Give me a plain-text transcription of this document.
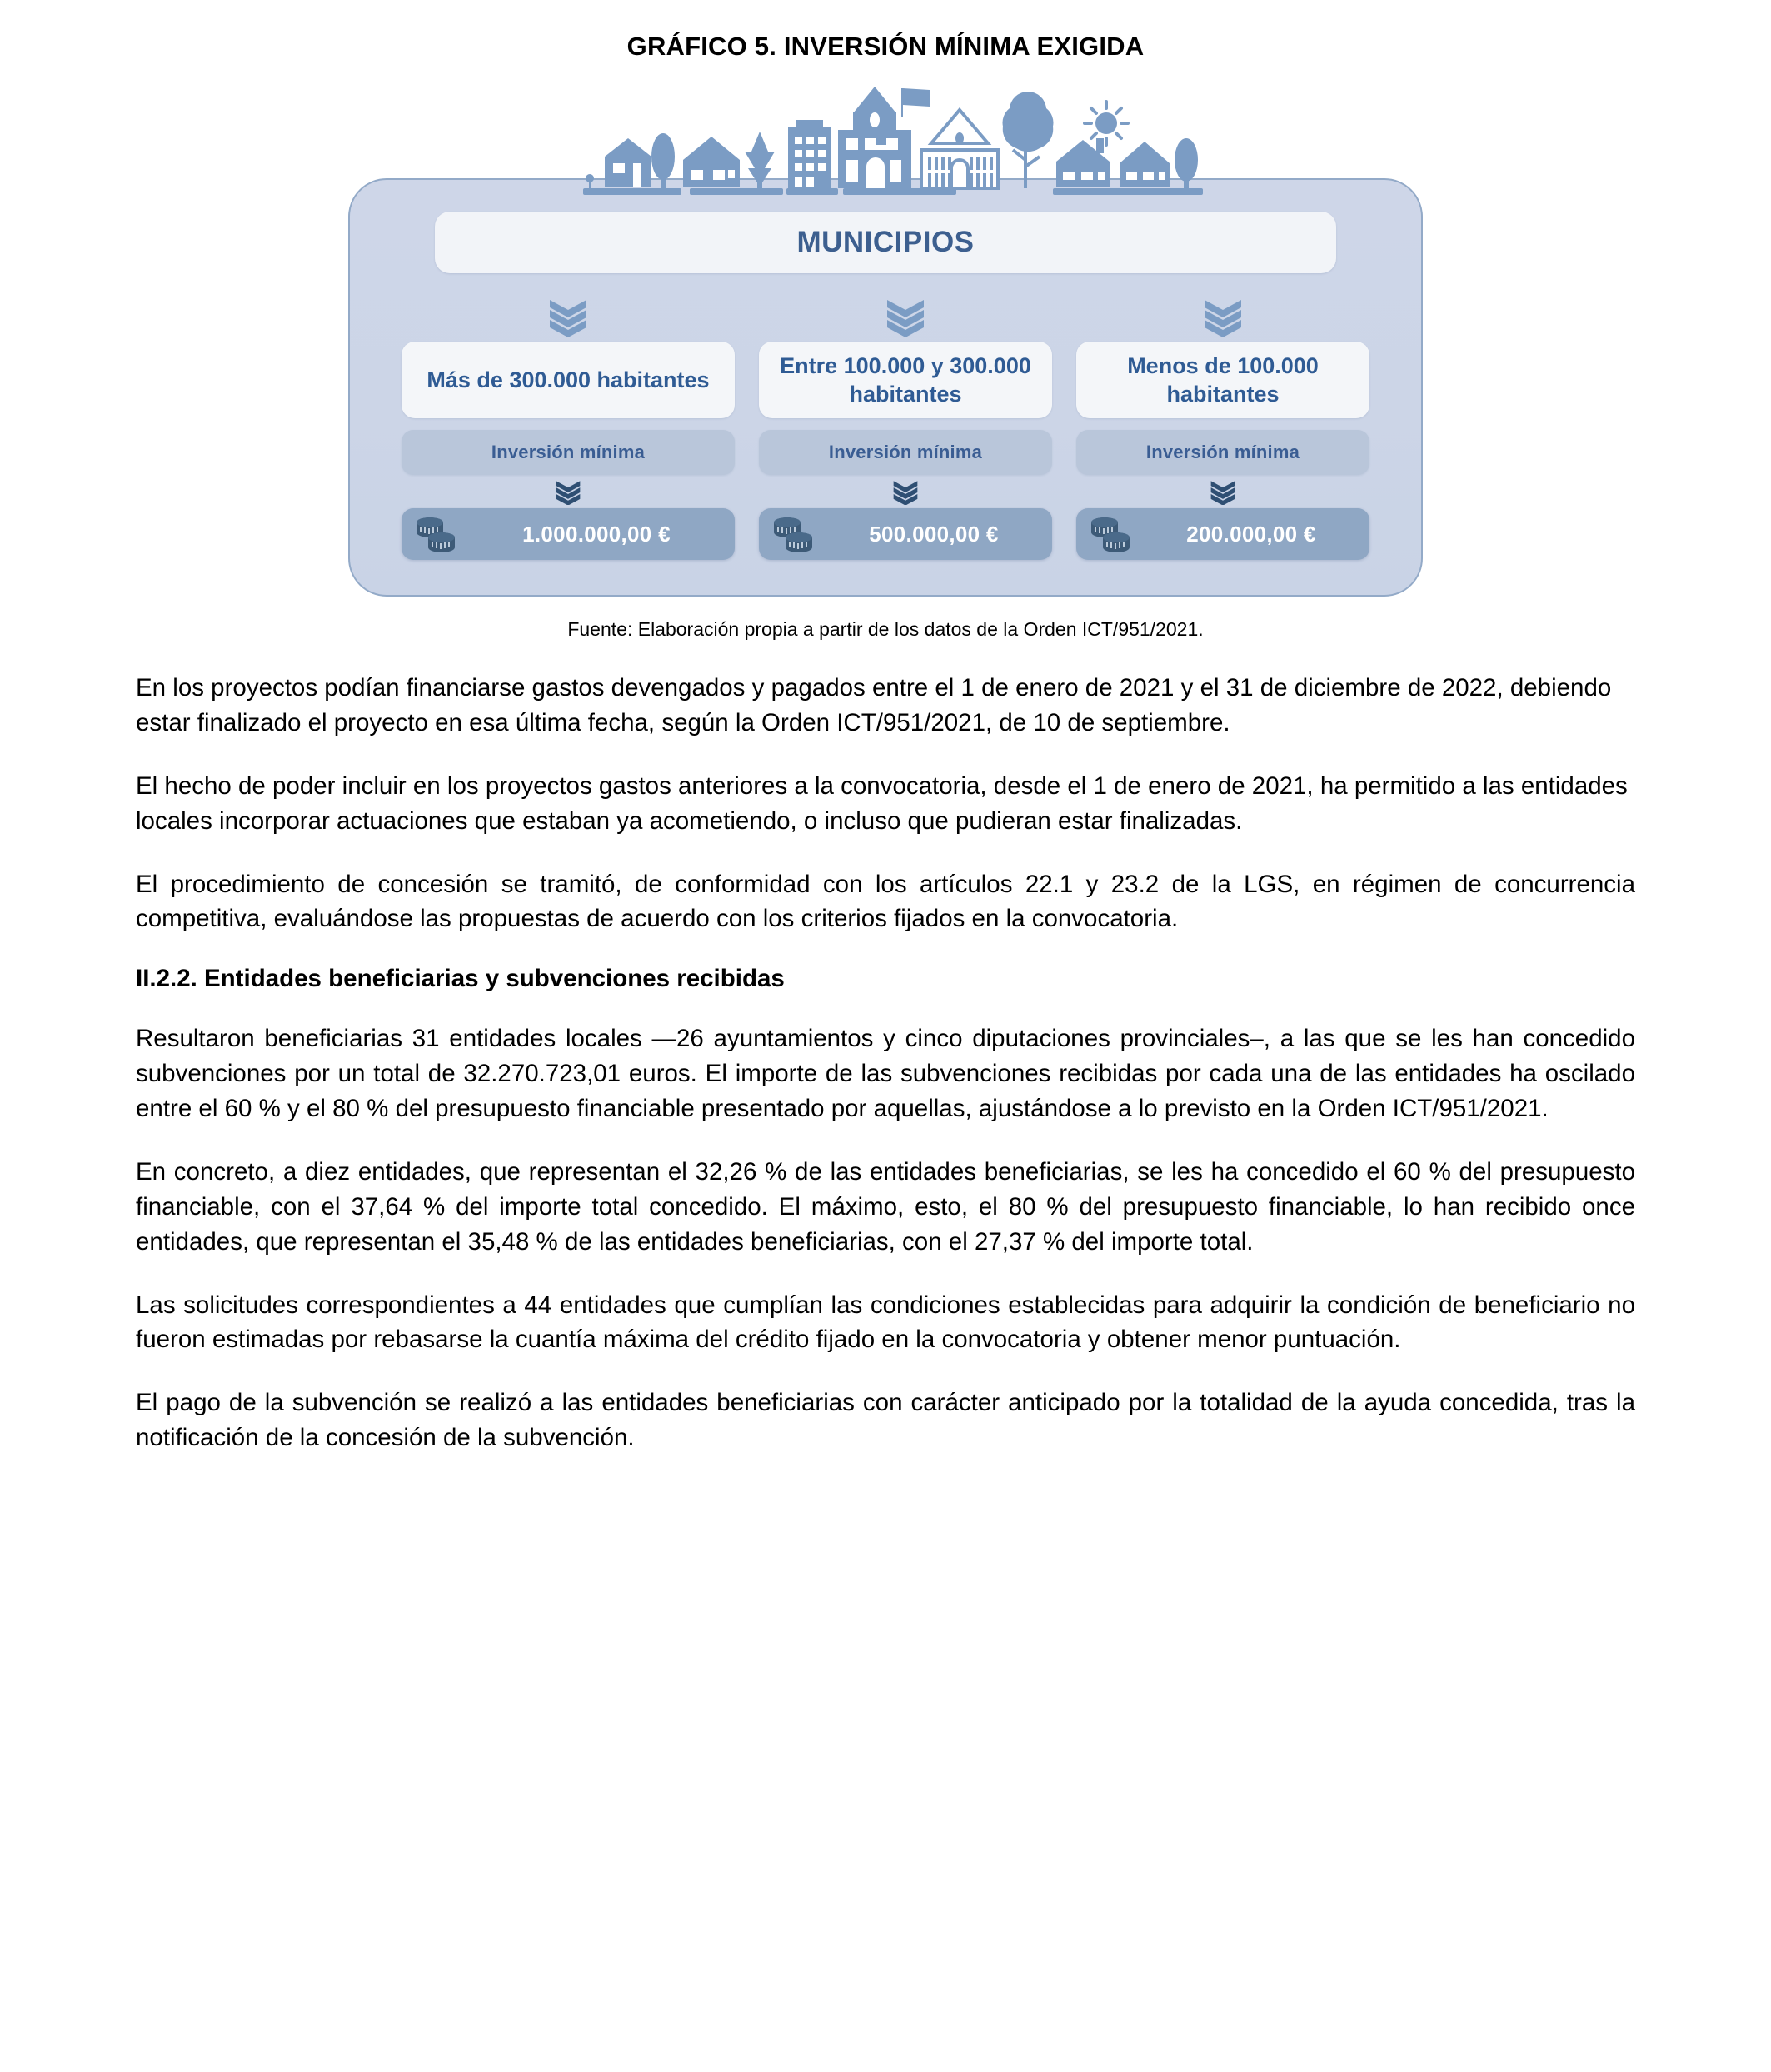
GRÁFICO 5. INVERSIÓN MÍNIMA EXIGIDA
MUNICIPIOS
Más de 300.000 habitantes
Inversión mínima
1.000.000,00 €
Entre 100.000 y 300.000 habitantes
Inversión mínima
500.000,00 €
Menos de 100.000 habitantes
Inversión mínima
200.000,00 €
Fuente: Elaboración propia a partir de los datos de la Orden ICT/951/2021.

En los proyectos podían financiarse gastos devengados y pagados entre el 1 de enero de 2021 y el 31 de diciembre de 2022, debiendo estar finalizado el proyecto en esa última fecha, según la Orden ICT/951/2021, de 10 de septiembre.

El hecho de poder incluir en los proyectos gastos anteriores a la convocatoria, desde el 1 de enero de 2021, ha permitido a las entidades locales incorporar actuaciones que estaban ya acometiendo, o incluso que pudieran estar finalizadas.

El procedimiento de concesión se tramitó, de conformidad con los artículos 22.1 y 23.2 de la LGS, en régimen de concurrencia competitiva, evaluándose las propuestas de acuerdo con los criterios fijados en la convocatoria.

II.2.2. Entidades beneficiarias y subvenciones recibidas

Resultaron beneficiarias 31 entidades locales —26 ayuntamientos y cinco diputaciones provinciales–, a las que se les han concedido subvenciones por un total de 32.270.723,01 euros. El importe de las subvenciones recibidas por cada una de las entidades ha oscilado entre el 60 % y el 80 % del presupuesto financiable presentado por aquellas, ajustándose a lo previsto en la Orden ICT/951/2021.

En concreto, a diez entidades, que representan el 32,26 % de las entidades beneficiarias, se les ha concedido el 60 % del presupuesto financiable, con el 37,64 % del importe total concedido. El máximo, esto, el 80 % del presupuesto financiable, lo han recibido once entidades, que representan el 35,48 % de las entidades beneficiarias, con el 27,37 % del importe total.

Las solicitudes correspondientes a 44 entidades que cumplían las condiciones establecidas para adquirir la condición de beneficiario no fueron estimadas por rebasarse la cuantía máxima del crédito fijado en la convocatoria y obtener menor puntuación.

El pago de la subvención se realizó a las entidades beneficiarias con carácter anticipado por la totalidad de la ayuda concedida, tras la notificación de la concesión de la subvención.
